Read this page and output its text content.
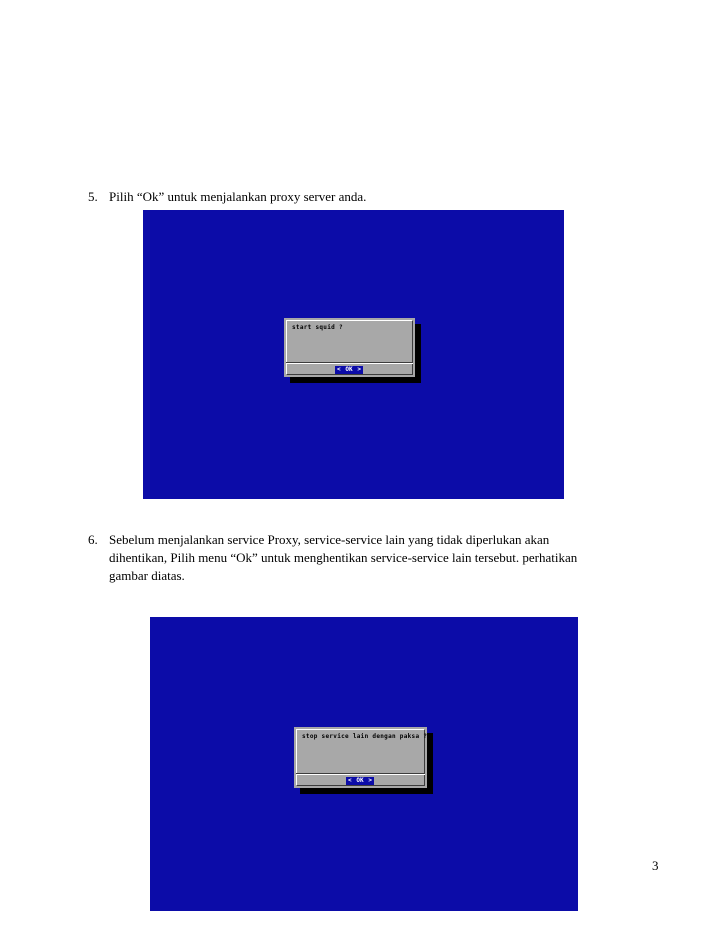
5. Pilih “Ok” untuk menjalankan proxy server anda.
start squid ?
< OK >
6. Sebelum menjalankan service Proxy, service-service lain yang tidak diperlukan akan
dihentikan, Pilih menu “Ok” untuk menghentikan service-service lain tersebut. perhatikan
gambar diatas.
stop service lain dengan paksa ?
< OK >
3
